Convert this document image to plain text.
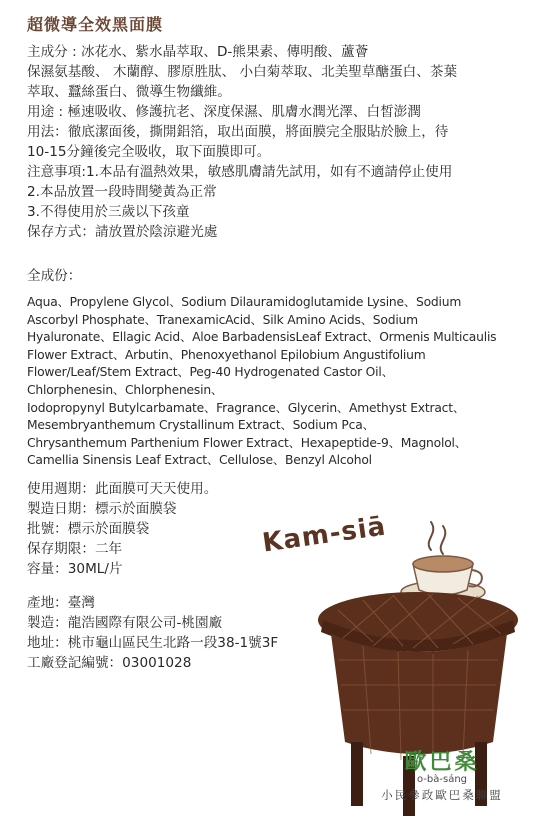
超微導全效黑面膜
主成分 : 冰花水、紫水晶萃取、D-熊果素、傳明酸、蘆薈
保濕氨基酸、 木蘭醇、膠原胜肽、 小白菊萃取、北美聖草醣蛋白、茶葉
萃取、蠶絲蛋白、微導生物纖維。
用途 : 極速吸收、修護抗老、深度保濕、肌膚水潤光澤、白皙澎潤
用法：徹底潔面後，撕開鋁箔，取出面膜，將面膜完全服貼於臉上，待
10-15分鐘後完全吸收，取下面膜即可。
注意事項:1.本品有溫熱效果，敏感肌膚請先試用，如有不適請停止使用
2.本品放置一段時間變黃為正常
3.不得使用於三歲以下孩童
保存方式：請放置於陰涼避光處
全成份：
Aqua、Propylene Glycol、Sodium Dilauramidoglutamide Lysine、Sodium
Ascorbyl Phosphate、TranexamicAcid、Silk Amino Acids、Sodium
Hyaluronate、Ellagic Acid、Aloe BarbadensisLeaf Extract、Ormenis Multicaulis
Flower Extract、Arbutin、Phenoxyethanol Epilobium Angustifolium
Flower/Leaf/Stem Extract、Peg-40 Hydrogenated Castor Oil、
Chlorphenesin、Chlorphenesin、
Iodopropynyl Butylcarbamate、Fragrance、Glycerin、Amethyst Extract、
Mesembryanthemum Crystallinum Extract、Sodium Pca、
Chrysanthemum Parthenium Flower Extract、Hexapeptide-9、Magnolol、
Camellia Sinensis Leaf Extract、Cellulose、Benzyl Alcohol
使用週期：此面膜可天天使用。
製造日期：標示於面膜袋
批號：標示於面膜袋
保存期限：二年
容量：30ML/片
產地：臺灣
製造：龍浩國際有限公司-桃園廠
地址：桃市龜山區民生北路一段38-1號3F
工廠登記編號：03001028
Kam-siā
歐巴桑
o-bà-sáng
小民參政歐巴桑聯盟
